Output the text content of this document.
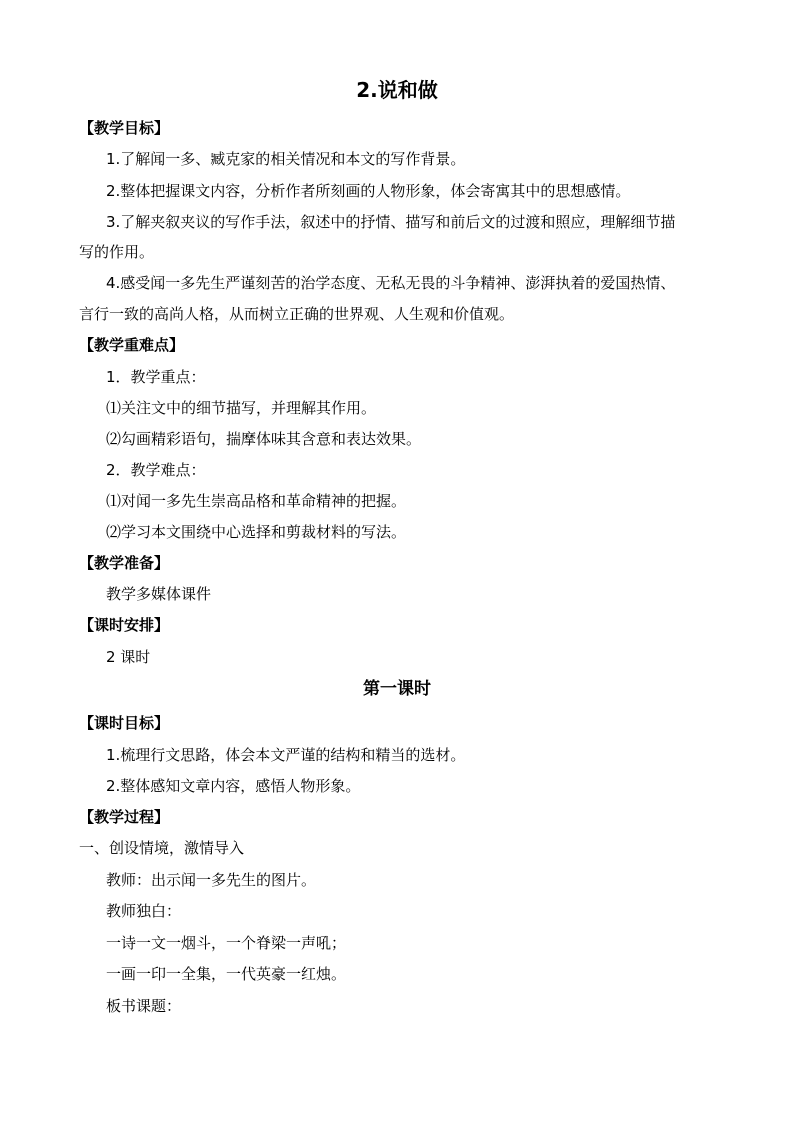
2.说和做
【教学目标】
1.了解闻一多、臧克家的相关情况和本文的写作背景。
2.整体把握课文内容，分析作者所刻画的人物形象，体会寄寓其中的思想感情。
3.了解夹叙夹议的写作手法，叙述中的抒情、描写和前后文的过渡和照应，理解细节描
写的作用。
4.感受闻一多先生严谨刻苦的治学态度、无私无畏的斗争精神、澎湃执着的爱国热情、
言行一致的高尚人格，从而树立正确的世界观、人生观和价值观。
【教学重难点】
1．教学重点：
⑴关注文中的细节描写，并理解其作用。
⑵勾画精彩语句，揣摩体味其含意和表达效果。
2．教学难点：
⑴对闻一多先生崇高品格和革命精神的把握。
⑵学习本文围绕中心选择和剪裁材料的写法。
【教学准备】
教学多媒体课件
【课时安排】
2 课时
第一课时
【课时目标】
1.梳理行文思路，体会本文严谨的结构和精当的选材。
2.整体感知文章内容，感悟人物形象。
【教学过程】
一、创设情境，激情导入
教师：出示闻一多先生的图片。
教师独白：
一诗一文一烟斗，一个脊梁一声吼；
一画一印一全集，一代英豪一红烛。
板书课题：
